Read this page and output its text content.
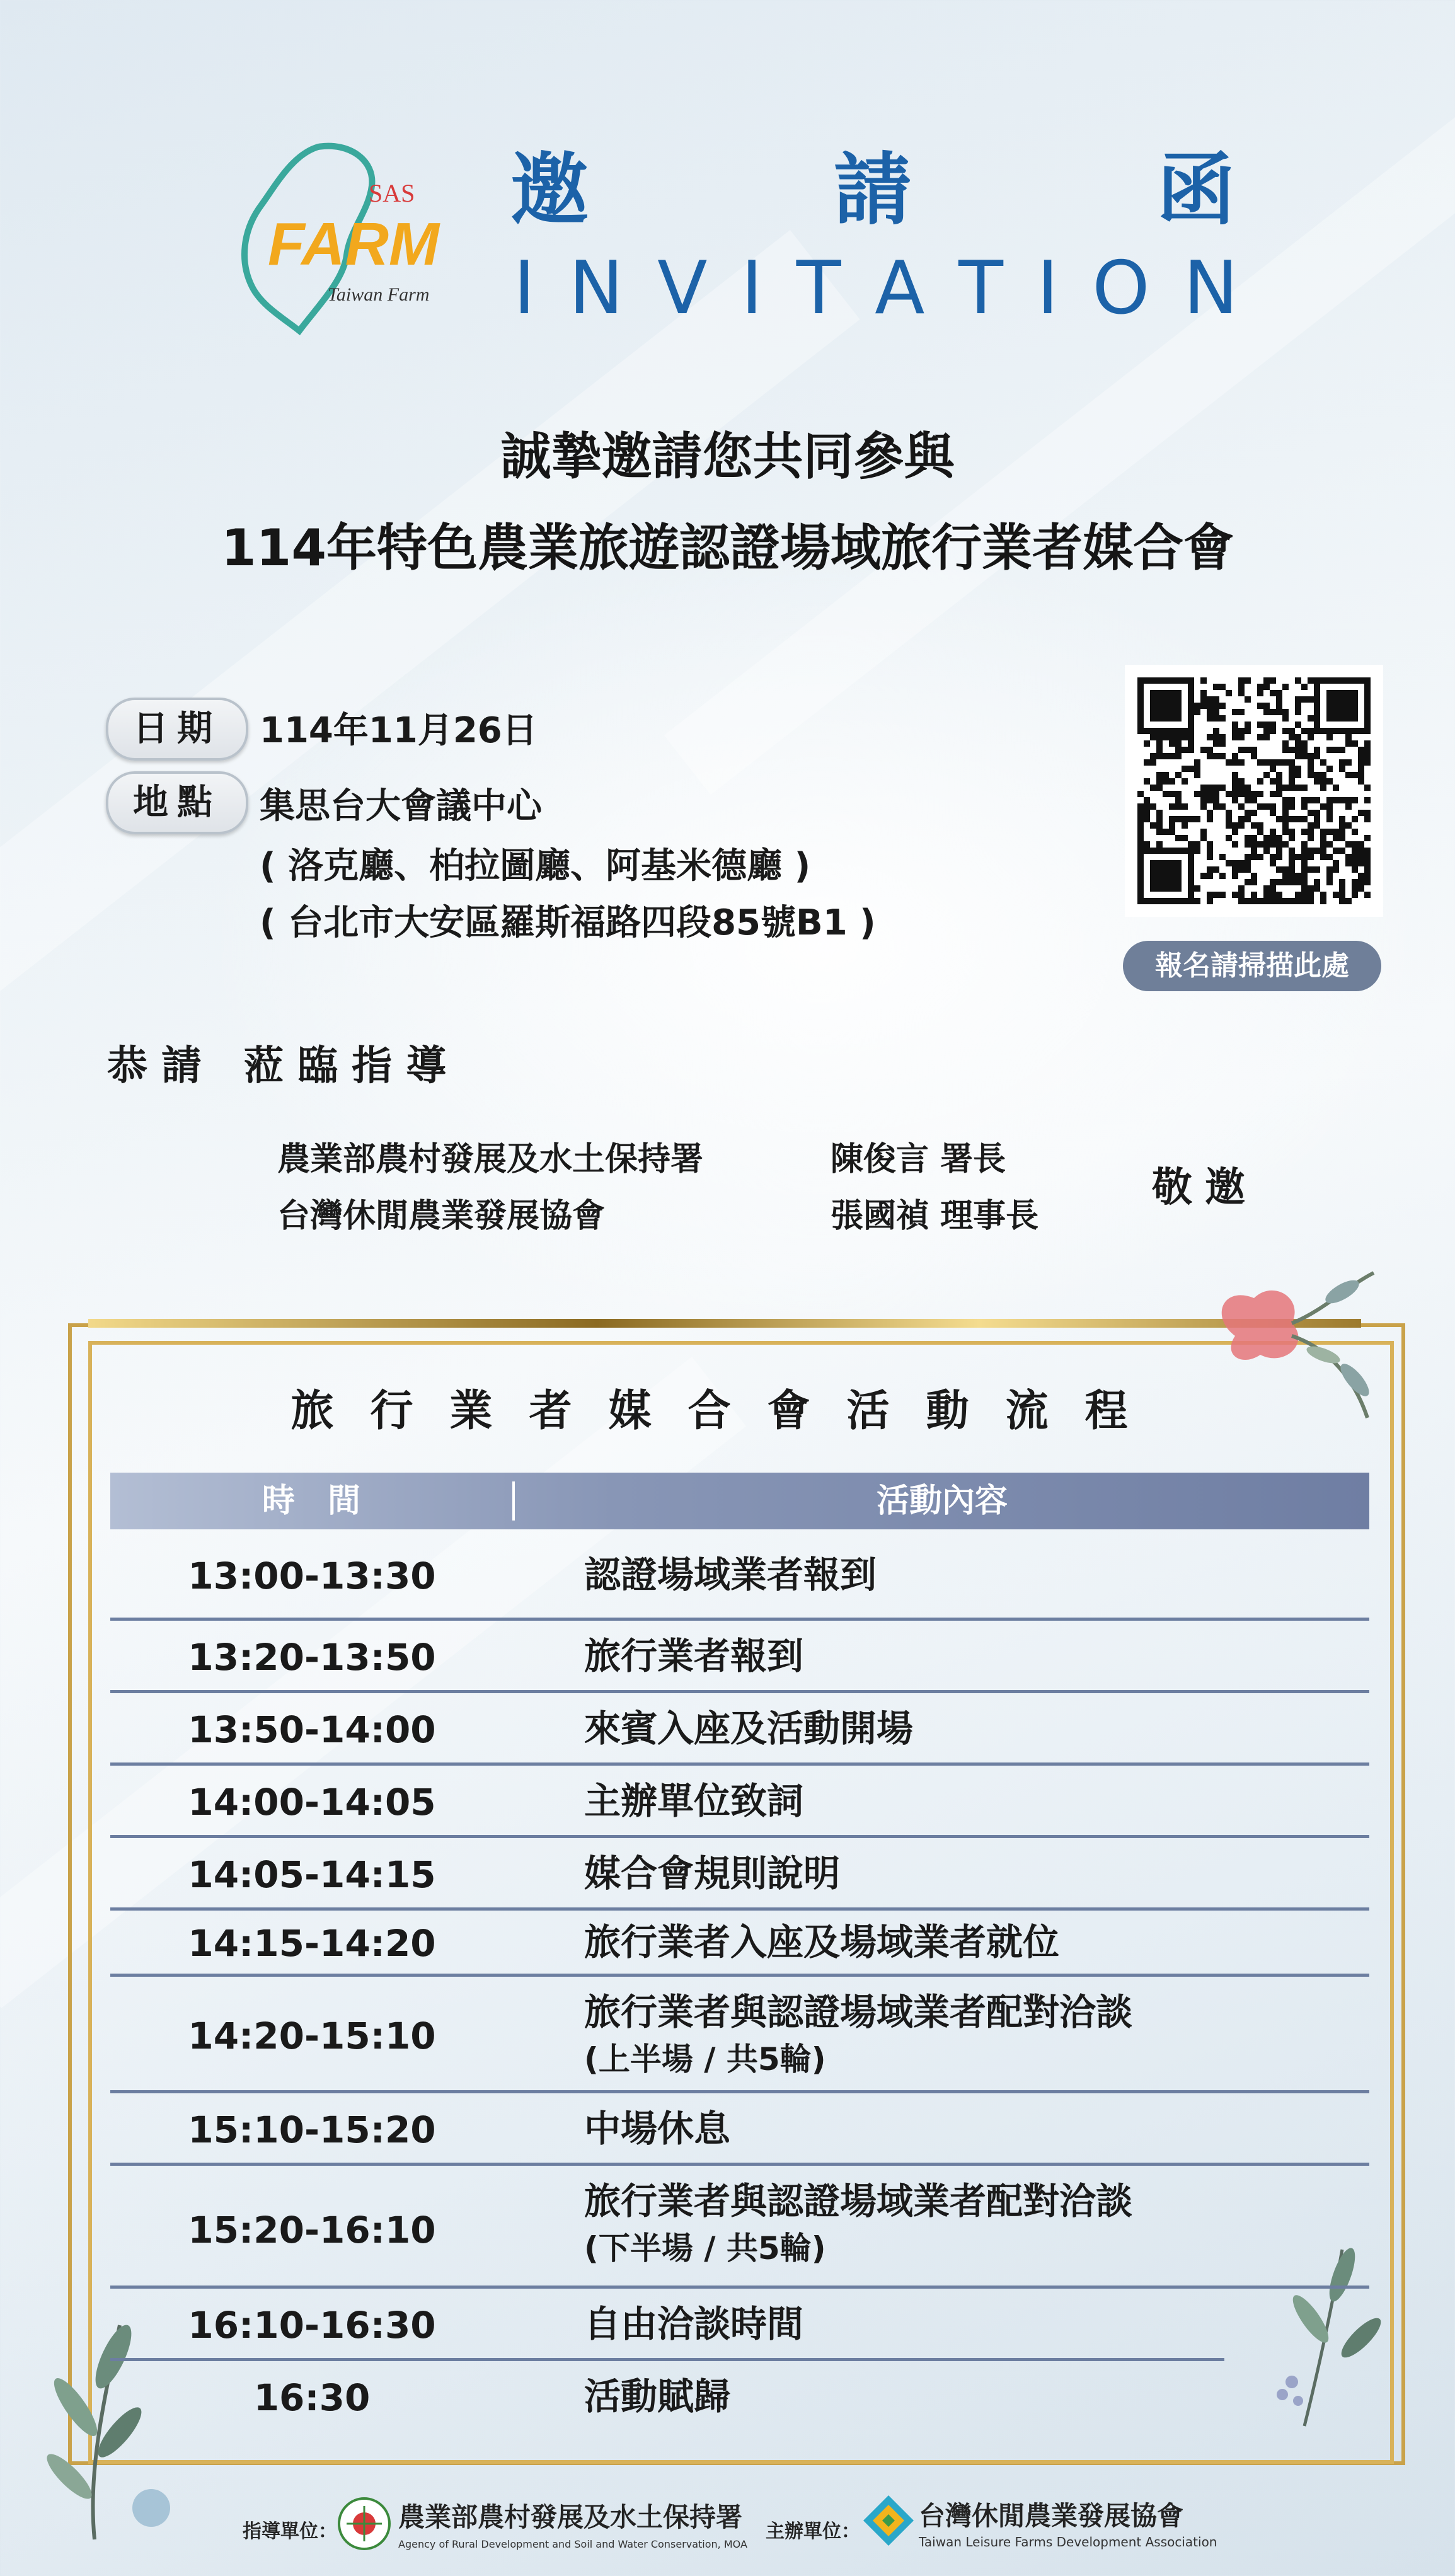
SAS
FARM
Taiwan Farm
邀	請	函
I N V I T A T I O N
誠摯邀請您共同參與
114年特色農業旅遊認證場域旅行業者媒合會
日期	114年11月26日
地點	集思台大會議中心
( 洛克廳、柏拉圖廳、阿基米德廳 )
( 台北市大安區羅斯福路四段85號B1 )
報名請掃描此處
恭請 蒞臨指導
農業部農村發展及水土保持署	陳俊言 署長
台灣休閒農業發展協會	張國禎 理事長
敬邀
旅行業者媒合會活動流程
時　間	活動內容
13:00-13:30	認證場域業者報到
13:20-13:50	旅行業者報到
13:50-14:00	來賓入座及活動開場
14:00-14:05	主辦單位致詞
14:05-14:15	媒合會規則說明
14:15-14:20	旅行業者入座及場域業者就位
14:20-15:10
旅行業者與認證場域業者配對洽談
(上半場 / 共5輪)
15:10-15:20	中場休息
15:20-16:10
旅行業者與認證場域業者配對洽談
(下半場 / 共5輪)
16:10-16:30	自由洽談時間
16:30	活動賦歸
指導單位： 農業部農村發展及水土保持署
Agency of Rural Development and Soil and Water Conservation, MOA
主辦單位：
台灣休閒農業發展協會
Taiwan Leisure Farms Development Association
